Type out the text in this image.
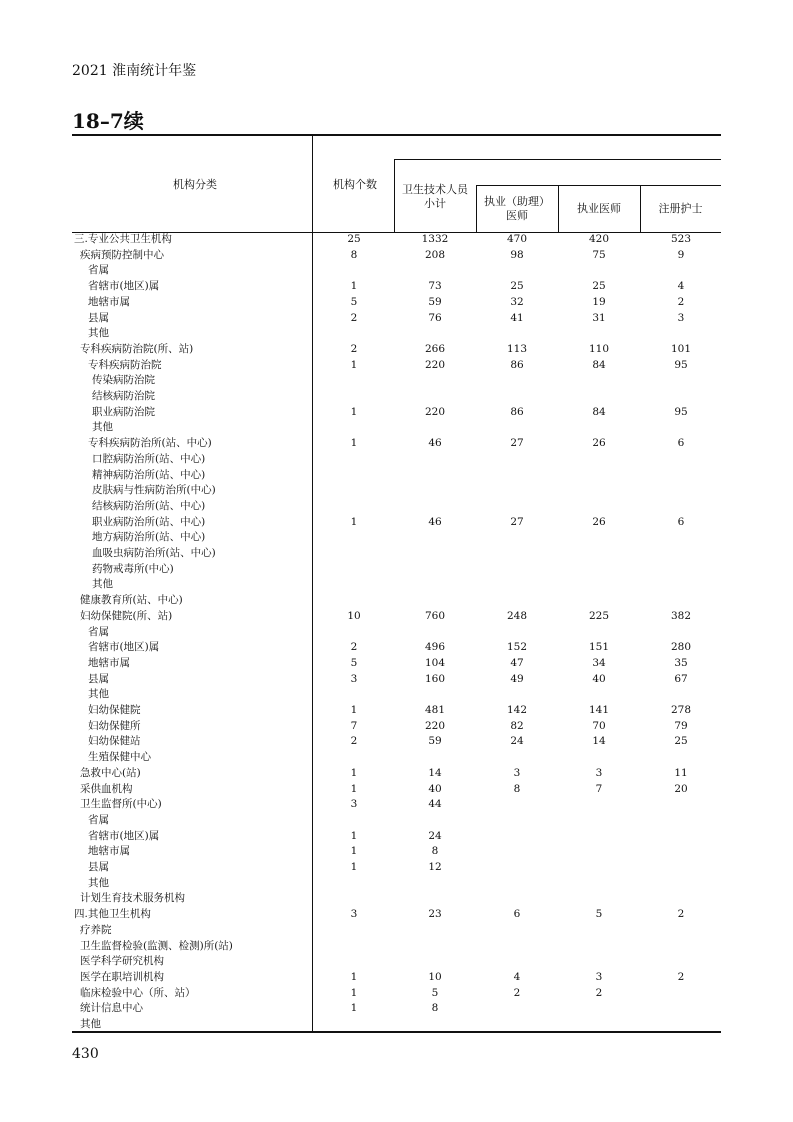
2021 淮南统计年鉴
18–7续
机构分类	机构个数	卫生技术人员
小计	执业（助理）
医师
执业医师	注册护士
三.专业公共卫生机构	25	1332	470	420	523
疾病预防控制中心	8	208	98	75	9
省属
省辖市(地区)属	1	73	25	25	4
地辖市属	5	59	32	19	2
县属	2	76	41	31	3
其他
专科疾病防治院(所、站)	2	266	113	110	101
专科疾病防治院	1	220	86	84	95
传染病防治院
结核病防治院
职业病防治院	1	220	86	84	95
其他
专科疾病防治所(站、中心)	1	46	27	26	6
口腔病防治所(站、中心)
精神病防治所(站、中心)
皮肤病与性病防治所(中心)
结核病防治所(站、中心)
职业病防治所(站、中心)	1	46	27	26	6
地方病防治所(站、中心)
血吸虫病防治所(站、中心)
药物戒毒所(中心)
其他
健康教育所(站、中心)
妇幼保健院(所、站)	10	760	248	225	382
省属
省辖市(地区)属	2	496	152	151	280
地辖市属	5	104	47	34	35
县属	3	160	49	40	67
其他
妇幼保健院	1	481	142	141	278
妇幼保健所	7	220	82	70	79
妇幼保健站	2	59	24	14	25
生殖保健中心
急救中心(站)	1	14	3	3	11
采供血机构	1	40	8	7	20
卫生监督所(中心)	3	44
省属
省辖市(地区)属	1	24
地辖市属	1	8
县属	1	12
其他
计划生育技术服务机构
四.其他卫生机构	3	23	6	5	2
疗养院
卫生监督检验(监测、检测)所(站)
医学科学研究机构
医学在职培训机构	1	10	4	3	2
临床检验中心（所、站）	1	5	2	2
统计信息中心	1	8
其他
430
